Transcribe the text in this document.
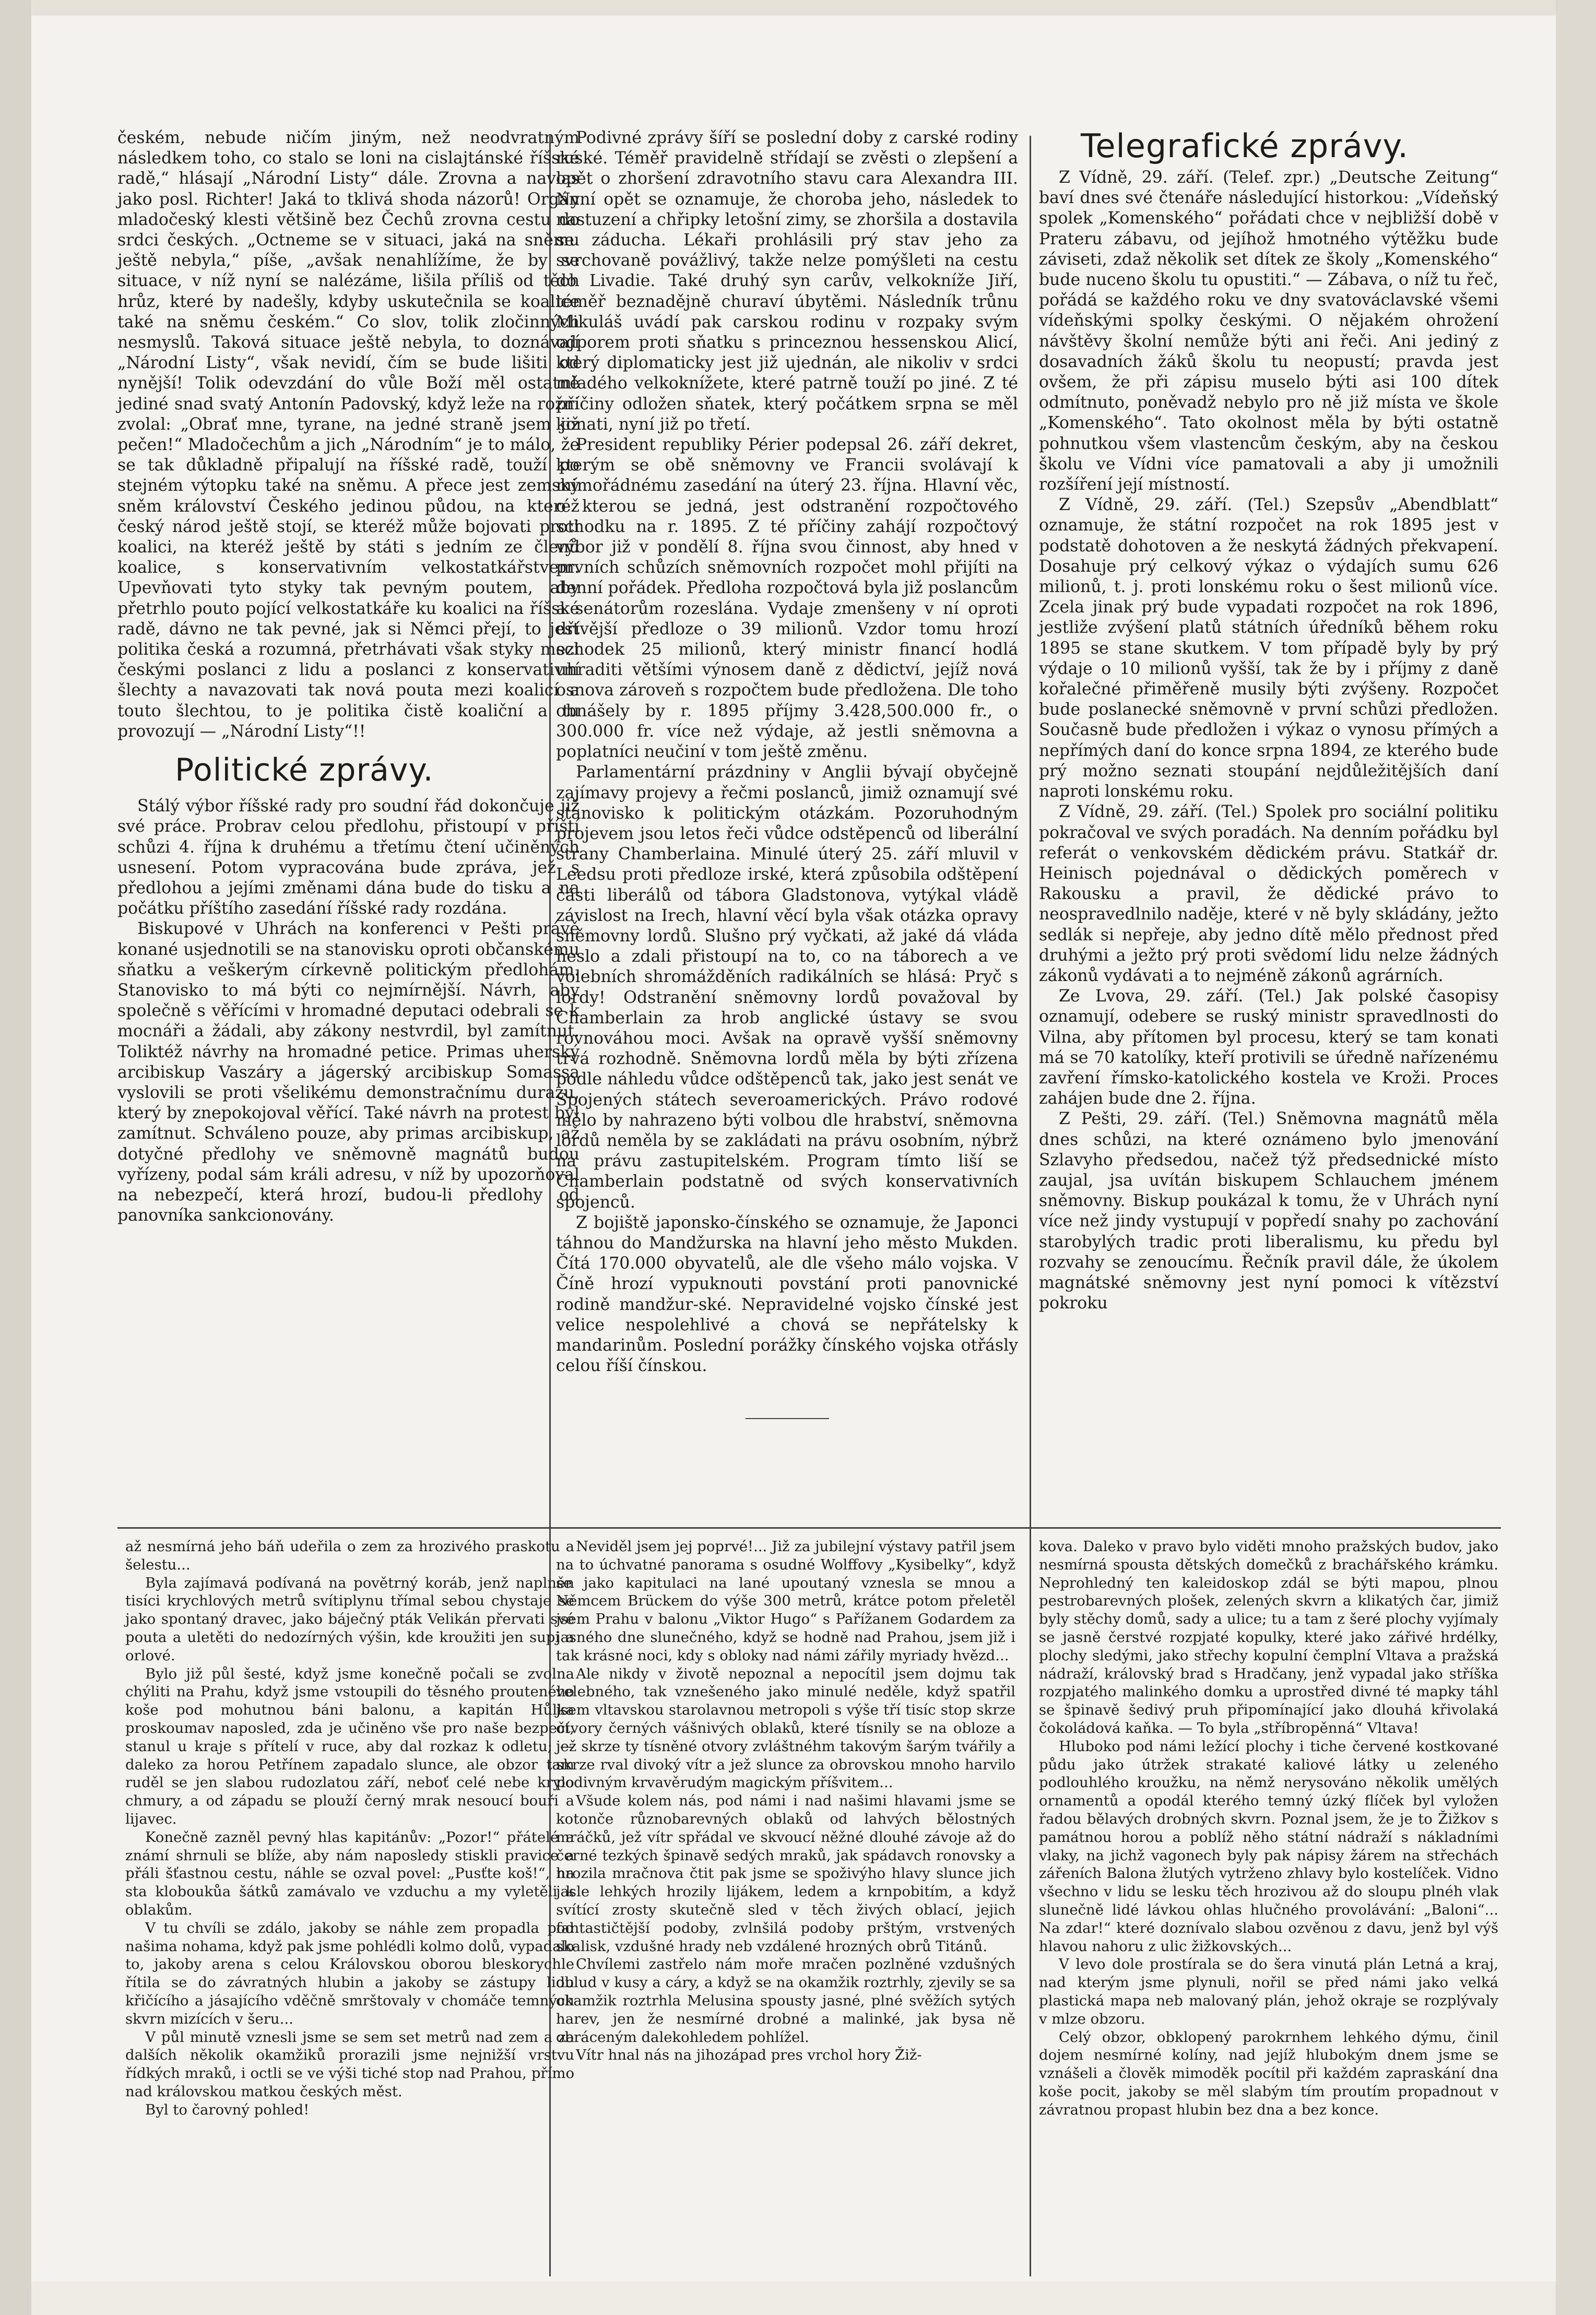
českém, nebude ničím jiným, než neodvratným následkem toho, co stalo se loni na cislajtánské říšské radě,“ hlásají „Národní Listy“ dále. Zrovna a navlas jako posl. Richter! Jaká to tklivá shoda názorů! Orgán mladočeský klesti většině bez Čechů zrovna cestu do srdci českých. „Octneme se v situaci, jaká na sněmu ještě nebyla,“ píše, „avšak nenahlížíme, že by se situace, v níž nyní se nalézáme, lišila příliš od těch hrůz, které by nadešly, kdyby uskutečnila se koalice také na sněmu českém.“ Co slov, tolik zločinných nesmyslů. Taková situace ještě nebyla, to doznávají „Národní Listy“, však nevidí, čím se bude lišiti od nynější! Tolik odevzdání do vůle Boží měl ostatně jediné snad svatý Antonín Padovský, když leže na rožni zvolal: „Obrať mne, tyrane, na jedné straně jsem již pečen!“ Mladočechům a jich „Národním“ je to málo, že se tak důkladně připalují na říšské radě, touží po stejném výtopku také na sněmu. A přece jest zemský sněm království Českého jedinou půdou, na kteréž český národ ještě stojí, se kteréž může bojovati proti koalici, na kteréž ještě by státi s jedním ze členů koalice, s konservativním velkostatkářstvem. Upevňovati tyto styky tak pevným poutem, aby přetrhlo pouto pojící velkostatkáře ku koalici na říšské radě, dávno ne tak pevné, jak si Němci přejí, to jest politika česká a rozumná, přetrhávati však styky mezi českými poslanci z lidu a poslanci z konservativní šlechty a navazovati tak nová pouta mezi koalicí a touto šlechtou, to je politika čistě koaliční a tu provozují — „Národní Listy“!!

Politické zprávy.

Stálý výbor říšské rady pro soudní řád dokončuje již své práce. Probrav celou předlohu, přistoupí v příští schůzi 4. října k druhému a třetímu čtení učiněných usnesení. Potom vypracována bude zpráva, jež s předlohou a jejími změnami dána bude do tisku a na počátku příštího zasedání říšské rady rozdána.

Biskupové v Uhrách na konferenci v Pešti právě konané usjednotili se na stanovisku oproti občanskému sňatku a veškerým církevně politickým předlohám. Stanovisko to má býti co nejmírnější. Návrh, aby společně s věřícími v hromadné deputaci odebrali se k mocnáři a žádali, aby zákony nestvrdil, byl zamítnut. Toliktéž návrhy na hromadné petice. Primas uherský arcibiskup Vaszáry a jágerský arcibiskup Somassa vyslovili se proti všelikému demonstračnímu durazu, který by znepokojoval věřící. Také návrh na protest byl zamítnut. Schváleno pouze, aby primas arcibiskup, až dotyčné předlohy ve sněmovně magnátů budou vyřízeny, podal sám králi adresu, v níž by upozorňoval na nebezpečí, která hrozí, budou-li předlohy od panovníka sankcionovány.

Podivné zprávy šíří se poslední doby z carské rodiny ruské. Téměř pravidelně střídají se zvěsti o zlepšení a opět o zhoršení zdravotního stavu cara Alexandra III. Nyní opět se oznamuje, že choroba jeho, následek to nastuzení a chřipky letošní zimy, se zhoršila a dostavila se záducha. Lékaři prohlásili prý stav jeho za svrchovaně povážlivý, takže nelze pomýšleti na cestu do Livadie. Také druhý syn carův, velkokníže Jiří, téměř beznadějně churaví úbytěmi. Následník trůnu Mikuláš uvádí pak carskou rodinu v rozpaky svým odporem proti sňatku s princeznou hessenskou Alicí, který diplomaticky jest již ujednán, ale nikoliv v srdci mladého velkoknížete, které patrně touží po jiné. Z té příčiny odložen sňatek, který počátkem srpna se měl konati, nyní již po třetí.

President republiky Périer podepsal 26. září dekret, kterým se obě sněmovny ve Francii svolávají k mimořádnému zasedání na úterý 23. října. Hlavní věc, o kterou se jedná, jest odstranění rozpočtového schodku na r. 1895. Z té příčiny zahájí rozpočtový výbor již v pondělí 8. října svou činnost, aby hned v prvních schůzích sněmovních rozpočet mohl přijíti na denní pořádek. Předloha rozpočtová byla již poslancům a senátorům rozeslána. Vydaje zmenšeny v ní oproti dřívější předloze o 39 milionů. Vzdor tomu hrozí schodek 25 milionů, který ministr financí hodlá uhraditi většími výnosem daně z dědictví, jejíž nová osnova zároveň s rozpočtem bude předložena. Dle toho obnášely by r. 1895 příjmy 3.428,500.000 fr., o 300.000 fr. více než výdaje, až jestli sněmovna a poplatníci neučiní v tom ještě změnu.

Parlamentární prázdniny v Anglii bývají obyčejně zajímavy projevy a řečmi poslanců, jimiž oznamují své stanovisko k politickým otázkám. Pozoruhodným projevem jsou letos řeči vůdce odstěpenců od liberální strany Chamberlaina. Minulé úterý 25. září mluvil v Leedsu proti předloze irské, která způsobila odštěpení části liberálů od tábora Gladstonova, vytýkal vládě závislost na Irech, hlavní věcí byla však otázka opravy sněmovny lordů. Slušno prý vyčkati, až jaké dá vláda heslo a zdali přistoupí na to, co na táborech a ve volebních shromážděních radikálních se hlásá: Pryč s lordy! Odstranění sněmovny lordů považoval by Chamberlain za hrob anglické ústavy se svou rovnováhou moci. Avšak na opravě vyšší sněmovny trvá rozhodně. Sněmovna lordů měla by býti zřízena podle náhledu vůdce odštěpenců tak, jako jest senát ve Spojených státech severoamerických. Právo rodové mělo by nahrazeno býti volbou dle hrabství, sněmovna lordů neměla by se zakládati na právu osobním, nýbrž na právu zastupitelském. Program tímto liší se Chamberlain podstatně od svých konservativních spojenců.

Z bojiště japonsko-čínského se oznamuje, že Japonci táhnou do Mandžurska na hlavní jeho město Mukden. Čítá 170.000 obyvatelů, ale dle všeho málo vojska. V Číně hrozí vypuknouti povstání proti panovnické rodině mandžur-ské. Nepravidelné vojsko čínské jest velice nespolehlivé a chová se nepřátelsky k mandarinům. Poslední porážky čínského vojska otřásly celou říší čínskou.

Telegrafické zprávy.

Z Vídně, 29. září. (Telef. zpr.) „Deutsche Zeitung“ baví dnes své čtenáře následující historkou: „Vídeňský spolek „Komenského“ pořádati chce v nejbližší době v Prateru zábavu, od jejíhož hmotného výtěžku bude záviseti, zdaž několik set dítek ze školy „Komenského“ bude nuceno školu tu opustiti.“ — Zábava, o níž tu řeč, pořádá se každého roku ve dny svatováclavské všemi vídeňskými spolky českými. O nějakém ohrožení návštěvy školní nemůže býti ani řeči. Ani jediný z dosavadních žáků školu tu neopustí; pravda jest ovšem, že při zápisu muselo býti asi 100 dítek odmítnuto, poněvadž nebylo pro ně již místa ve škole „Komenského“. Tato okolnost měla by býti ostatně pohnutkou všem vlastencům českým, aby na českou školu ve Vídni více pamatovali a aby ji umožnili rozšíření její místností.

Z Vídně, 29. září. (Tel.) Szepsův „Abendblatt“ oznamuje, že státní rozpočet na rok 1895 jest v podstatě dohotoven a že neskytá žádných překvapení. Dosahuje prý celkový výkaz o výdajích sumu 626 milionů, t. j. proti lonskému roku o šest milionů více. Zcela jinak prý bude vypadati rozpočet na rok 1896, jestliže zvýšení platů státních úředníků během roku 1895 se stane skutkem. V tom případě byly by prý výdaje o 10 milionů vyšší, tak že by i příjmy z daně kořalečné přiměřeně musily býti zvýšeny. Rozpočet bude poslanecké sněmovně v první schůzi předložen. Současně bude předložen i výkaz o vynosu přímých a nepřímých daní do konce srpna 1894, ze kterého bude prý možno seznati stoupání nejdůležitějších daní naproti lonskému roku.

Z Vídně, 29. září. (Tel.) Spolek pro sociální politiku pokračoval ve svých poradách. Na denním pořádku byl referát o venkovském dědickém právu. Statkář dr. Heinisch pojednával o dědických poměrech v Rakousku a pravil, že dědické právo to neospravedlnilo naděje, které v ně byly skládány, ježto sedlák si nepřeje, aby jedno dítě mělo přednost před druhými a ježto prý proti svědomí lidu nelze žádných zákonů vydávati a to nejméně zákonů agrárních.

Ze Lvova, 29. září. (Tel.) Jak polské časopisy oznamují, odebere se ruský ministr spravedlnosti do Vilna, aby přítomen byl procesu, který se tam konati má se 70 katolíky, kteří protivili se úředně nařízenému zavření římsko-katolického kostela ve Kroži. Proces zahájen bude dne 2. října.

Z Pešti, 29. září. (Tel.) Sněmovna magnátů měla dnes schůzi, na které oznámeno bylo jmenování Szlavyho předsedou, načež týž předsednické místo zaujal, jsa uvítán biskupem Schlauchem jménem sněmovny. Biskup poukázal k tomu, že v Uhrách nyní více než jindy vystupují v popředí snahy po zachování starobylých tradic proti liberalismu, ku předu byl rozvahy se zenoucímu. Řečník pravil dále, že úkolem magnátské sněmovny jest nyní pomoci k vítězství pokroku

až nesmírná jeho báň udeřila o zem za hrozivého praskotu a šelestu...

Byla zajímavá podívaná na povětrný koráb, jenž naplněn tisíci krychlových metrů svítiplynu třímal sebou chystaje se jako spontaný dravec, jako báječný pták Velikán přervati své pouta a uletěti do nedozírných výšin, kde kroužiti jen supi a orlové.

Bylo již půl šesté, když jsme konečně počali se zvolna chýliti na Prahu, když jsme vstoupili do těsného prouteného koše pod mohutnou báni balonu, a kapitán Hůlka proskoumav naposled, zda je učiněno vše pro naše bezpečí, stanul u kraje s přítelí v ruce, aby dal rozkaz k odletu; — daleko za horou Petřínem zapadalo slunce, ale obzor tam ruděl se jen slabou rudozlatou září, neboť celé nebe krylo chmury, a od západu se plouží černý mrak nesoucí bouři a lijavec.

Konečně zazněl pevný hlas kapitánův: „Pozor!“ přátelé a známí shrnuli se blíže, aby nám naposledy stiskli pravice a přáli šťastnou cestu, náhle se ozval povel: „Pusťte koš!“, na sta kloboukůa šátků zamávalo ve vzduchu a my vyletěli k oblakům.

V tu chvíli se zdálo, jakoby se náhle zem propadla pod našima nohama, když pak jsme pohlédli kolmo dolů, vypadalo to, jakoby arena s celou Královskou oborou bleskorychle řítila se do závratných hlubin a jakoby se zástupy lidu křičícího a jásajícího vděčně smrštovaly v chomáče temných skvrn mizících v šeru...

V půl minutě vznesli jsme se sem set metrů nad zem a za dalších několik okamžiků prorazili jsme nejnižší vrstvu řídkých mraků, i octli se ve výši tiché stop nad Prahou, přímo nad královskou matkou českých měst.

Byl to čarovný pohled!

Neviděl jsem jej poprvé!... Již za jubilejní výstavy patřil jsem na to úchvatné panorama s osudné Wolffovy „Kysibelky“, když se jako kapitulaci na lané upoutaný vznesla se mnou a Němcem Brückem do výše 300 metrů, krátce potom přeletěl jsem Prahu v balonu „Viktor Hugo“ s Pařížanem Godardem za jasného dne slunečného, když se hodně nad Prahou, jsem již i tak krásné noci, kdy s obloky nad námi zářily myriady hvězd...

Ale nikdy v životě nepoznal a nepocítil jsem dojmu tak velebného, tak vznešeného jako minulé neděle, když spatřil jsem vltavskou starolavnou metropoli s výše tří tisíc stop skrze otvory černých vášnivých oblaků, které tísnily se na obloze a jež skrze ty tísněné otvory zvláštnéhm takovým šarým tvářily a skrze rval divoký vítr a jež slunce za obrovskou mnoho harvilo podivným krvavěrudým magickým příšvitem...

Všude kolem nás, pod námi i nad našimi hlavami jsme se kotonče různobarevných oblaků od lahvých bělostných mráčků, jež vítr spřádal ve skvoucí něžné dlouhé závoje až do černé tezkých špinavě sedých mraků, jak spádavch ronovsky a hrozila mračnova čtit pak jsme se spoživýho hlavy slunce jich jasle lehkých hrozily lijákem, ledem a krnpobitím, a když svítící zrosty skutečně sled v těch živých oblací, jejich fantastičtější podoby, zvlnšilá podoby prštým, vrstvených skalisk, vzdušné hrady neb vzdálené hrozných obrů Titánů.

Chvílemi zastřelo nám moře mračen pozlněné vzdušných oblud v kusy a cáry, a když se na okamžik roztrhly, zjevily se sa okamžik roztrhla Melusina spousty jasné, plné svěžích sytých harev, jen že nesmírné drobné a malinké, jak bysa ně obráceným dalekohledem pohlížel.

Vítr hnal nás na jihozápad pres vrchol hory Žiž-

kova. Daleko v pravo bylo viděti mnoho pražských budov, jako nesmírná spousta dětských domečků z brachářského krámku. Neprohledný ten kaleidoskop zdál se býti mapou, plnou pestrobarevných plošek, zelených skvrn a klikatých čar, jimiž byly stěchy domů, sady a ulice; tu a tam z šeré plochy vyjímaly se jasně čerstvé rozpjaté kopulky, které jako zářivé hrdélky, plochy sledými, jako střechy kopulní čemplní Vltava a pražská nádraží, královský brad s Hradčany, jenž vypadal jako stříška rozpjatého malinkého domku a uprostřed divné té mapky táhl se špinavě šedivý pruh připomínající jako dlouhá křivolaká čokoládová kaňka. — To byla „stříbropěnná“ Vltava!

Hluboko pod námi ležící plochy i tiche červené kostkované půdu jako útržek strakaté kaliové látky u zeleného podlouhlého kroužku, na němž nerysováno několik umělých ornamentů a opodál kterého temný úzký flíček byl vyložen řadou bělavých drobných skvrn. Poznal jsem, že je to Žižkov s památnou horou a poblíž něho státní nádraží s nákladními vlaky, na jichž vagonech byly pak nápisy žárem na střechách zářeních Balona žlutých vytrženo zhlavy bylo kostelíček. Vidno všechno v lidu se lesku těch hrozivou až do sloupu plnéh vlak slunečně lidé lávkou ohlas hlučného provolávání: „Baloni“... Na zdar!“ které doznívalo slabou ozvěnou z davu, jenž byl výš hlavou nahoru z ulic žižkovských...

V levo dole prostírala se do šera vinutá plán Letná a kraj, nad kterým jsme plynuli, nořil se před námi jako velká plastická mapa neb malovaný plán, jehož okraje se rozplývaly v mlze obzoru.

Celý obzor, obklopený parokrnhem lehkého dýmu, činil dojem nesmírné kolíny, nad jejíž hlubokým dnem jsme se vznášeli a člověk mimoděk pocítil při každém zapraskání dna koše pocit, jakoby se měl slabým tím proutím propadnout v závratnou propast hlubin bez dna a bez konce.
